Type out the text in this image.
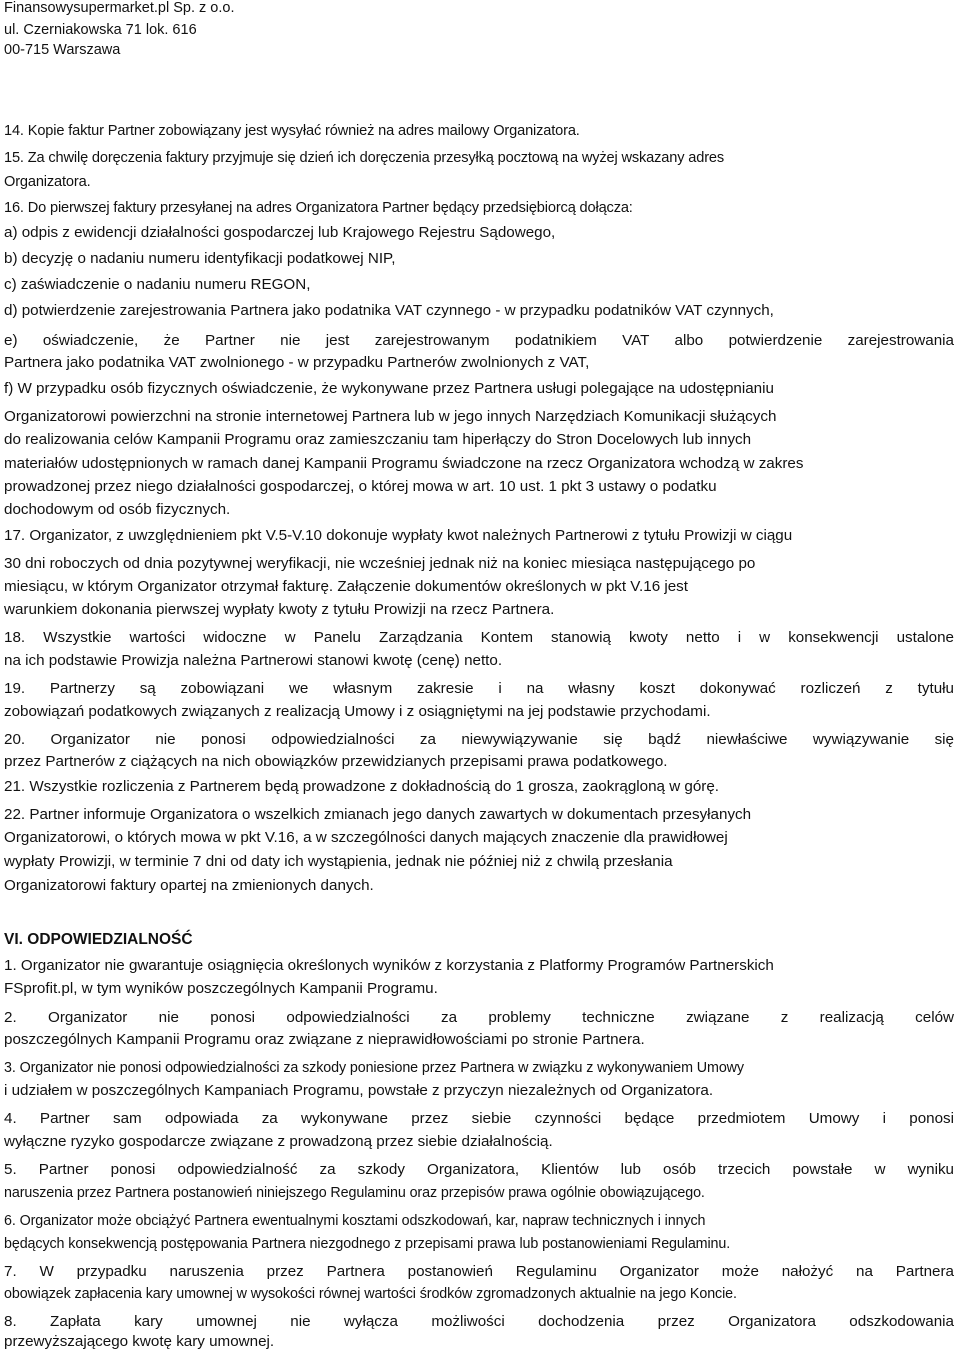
Finansowysupermarket.pl Sp. z o.o.
ul. Czerniakowska 71 lok. 616
00-715 Warszawa
14. Kopie faktur Partner zobowiązany jest wysyłać również na adres mailowy Organizatora.
15. Za chwilę doręczenia faktury przyjmuje się dzień ich doręczenia przesyłką pocztową na wyżej wskazany adres
Organizatora.
16. Do pierwszej faktury przesyłanej na adres Organizatora Partner będący przedsiębiorcą dołącza:
a) odpis z ewidencji działalności gospodarczej lub Krajowego Rejestru Sądowego,
b) decyzję o nadaniu numeru identyfikacji podatkowej NIP,
c) zaświadczenie o nadaniu numeru REGON,
d) potwierdzenie zarejestrowania Partnera jako podatnika VAT czynnego - w przypadku podatników VAT czynnych,
e) oświadczenie, że Partner nie jest zarejestrowanym podatnikiem VAT albo potwierdzenie zarejestrowania
Partnera jako podatnika VAT zwolnionego - w przypadku Partnerów zwolnionych z VAT,
f) W przypadku osób fizycznych oświadczenie, że wykonywane przez Partnera usługi polegające na udostępnianiu
Organizatorowi powierzchni na stronie internetowej Partnera lub w jego innych Narzędziach Komunikacji służących
do realizowania celów Kampanii Programu oraz zamieszczaniu tam hiperłączy do Stron Docelowych lub innych
materiałów udostępnionych w ramach danej Kampanii Programu świadczone na rzecz Organizatora wchodzą w zakres
prowadzonej przez niego działalności gospodarczej, o której mowa w art. 10 ust. 1 pkt 3 ustawy o podatku
dochodowym od osób fizycznych.
17. Organizator, z uwzględnieniem pkt V.5-V.10 dokonuje wypłaty kwot należnych Partnerowi z tytułu Prowizji w ciągu
30 dni roboczych od dnia pozytywnej weryfikacji, nie wcześniej jednak niż na koniec miesiąca następującego po
miesiącu, w którym Organizator otrzymał fakturę. Załączenie dokumentów określonych w pkt V.16 jest
warunkiem dokonania pierwszej wypłaty kwoty z tytułu Prowizji na rzecz Partnera.
18. Wszystkie wartości widoczne w Panelu Zarządzania Kontem stanowią kwoty netto i w konsekwencji ustalone
na ich podstawie Prowizja należna Partnerowi stanowi kwotę (cenę) netto.
19. Partnerzy są zobowiązani we własnym zakresie i na własny koszt dokonywać rozliczeń z tytułu
zobowiązań podatkowych związanych z realizacją Umowy i z osiągniętymi na jej podstawie przychodami.
20. Organizator nie ponosi odpowiedzialności za niewywiązywanie się bądź niewłaściwe wywiązywanie się
przez Partnerów z ciążących na nich obowiązków przewidzianych przepisami prawa podatkowego.
21. Wszystkie rozliczenia z Partnerem będą prowadzone z dokładnością do 1 grosza, zaokrągloną w górę.
22. Partner informuje Organizatora o wszelkich zmianach jego danych zawartych w dokumentach przesyłanych
Organizatorowi, o których mowa w pkt V.16, a w szczególności danych mających znaczenie dla prawidłowej
wypłaty Prowizji, w terminie 7 dni od daty ich wystąpienia, jednak nie później niż z chwilą przesłania
Organizatorowi faktury opartej na zmienionych danych.
VI. ODPOWIEDZIALNOŚĆ
1. Organizator nie gwarantuje osiągnięcia określonych wyników z korzystania z Platformy Programów Partnerskich
FSprofit.pl, w tym wyników poszczególnych Kampanii Programu.
2. Organizator nie ponosi odpowiedzialności za problemy techniczne związane z realizacją celów
poszczególnych Kampanii Programu oraz związane z nieprawidłowościami po stronie Partnera.
3. Organizator nie ponosi odpowiedzialności za szkody poniesione przez Partnera w związku z wykonywaniem Umowy
i udziałem w poszczególnych Kampaniach Programu, powstałe z przyczyn niezależnych od Organizatora.
4. Partner sam odpowiada za wykonywane przez siebie czynności będące przedmiotem Umowy i ponosi
wyłączne ryzyko gospodarcze związane z prowadzoną przez siebie działalnością.
5. Partner ponosi odpowiedzialność za szkody Organizatora, Klientów lub osób trzecich powstałe w wyniku
naruszenia przez Partnera postanowień niniejszego Regulaminu oraz przepisów prawa ogólnie obowiązującego.
6. Organizator może obciążyć Partnera ewentualnymi kosztami odszkodowań, kar, napraw technicznych i innych
będących konsekwencją postępowania Partnera niezgodnego z przepisami prawa lub postanowieniami Regulaminu.
7. W przypadku naruszenia przez Partnera postanowień Regulaminu Organizator może nałożyć na Partnera
obowiązek zapłacenia kary umownej w wysokości równej wartości środków zgromadzonych aktualnie na jego Koncie.
8. Zapłata kary umownej nie wyłącza możliwości dochodzenia przez Organizatora odszkodowania
przewyższającego kwotę kary umownej.
